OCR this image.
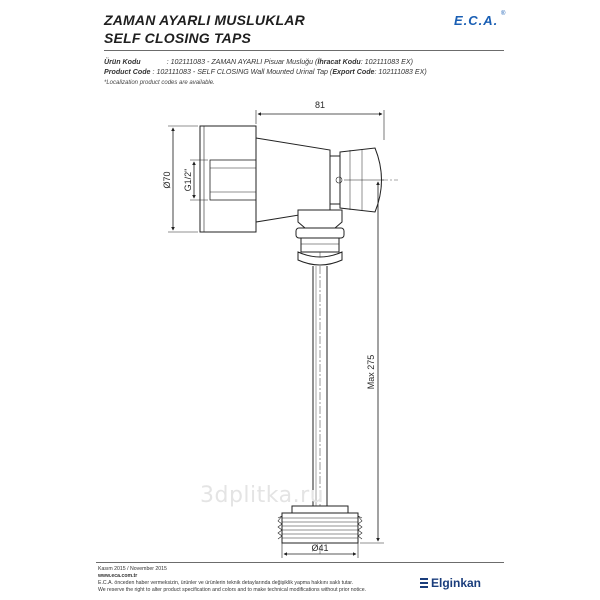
ZAMAN AYARLI MUSLUKLAR
SELF CLOSING TAPS
E.C.A. ®
Ürün Kodu	: 102111083 - ZAMAN AYARLI Pisuar Musluğu (İhracat Kodu: 102111083 EX)
Product Code : 102111083 - SELF CLOSING Wall Mounted Urinal Tap (Export Code: 102111083 EX)
*Localization product codes are available.
81
Ø70 G1/2"
Max 275
Ø41
3dplitka.ru
Kasım 2015 / November 2015
www.eca.com.tr
E.C.A. önceden haber vermeksizin, ürünler ve ürünlerin teknik detaylarında değişiklik yapma hakkını saklı tutar.
We reserve the right to alter product specification and colors and to make technical modifications without prior notice.	Elginkan
